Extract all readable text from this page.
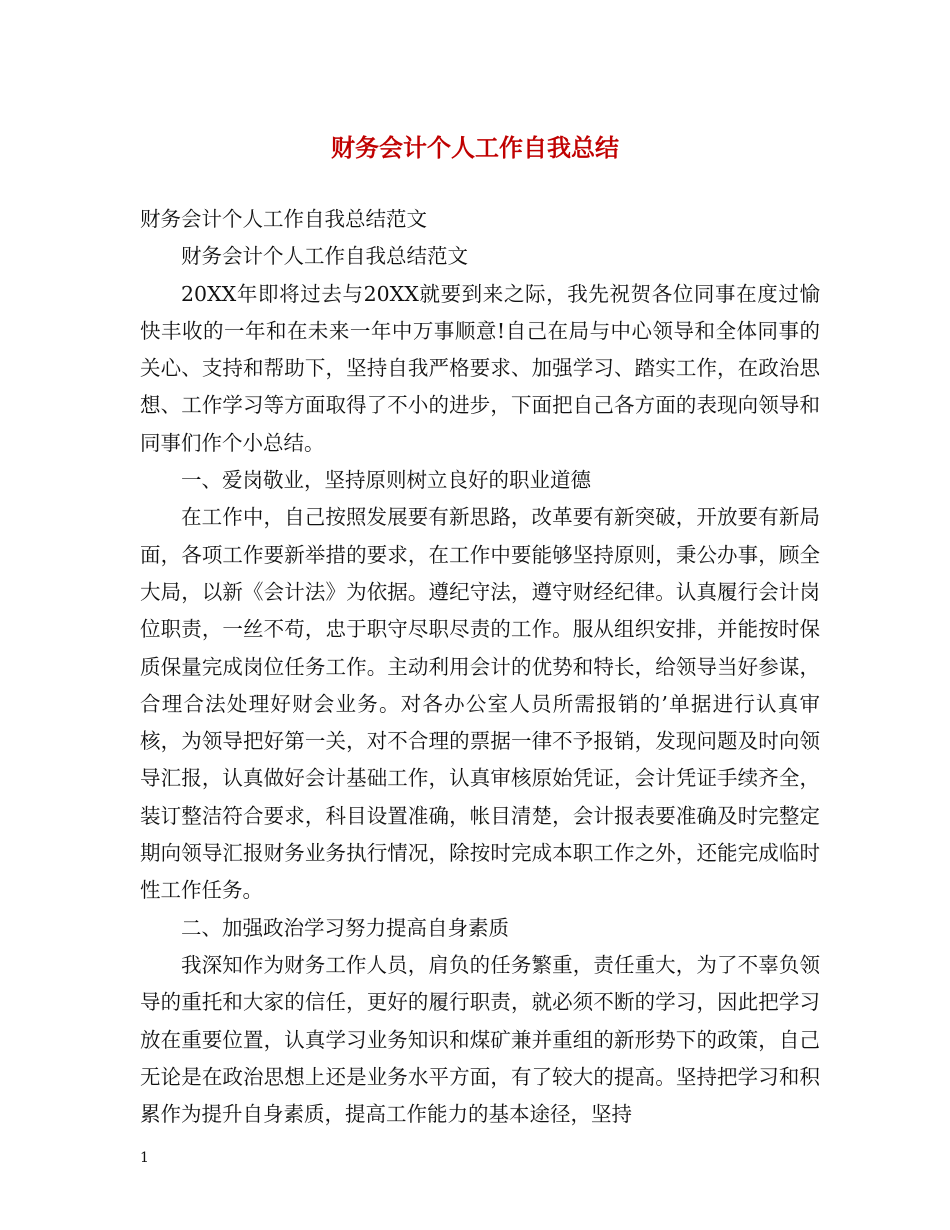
财务会计个人工作自我总结

财务会计个人工作自我总结范文

财务会计个人工作自我总结范文

20XX年即将过去与20XX就要到来之际，我先祝贺各位同事在度过愉快丰收的一年和在未来一年中万事顺意!自己在局与中心领导和全体同事的关心、支持和帮助下，坚持自我严格要求、加强学习、踏实工作，在政治思想、工作学习等方面取得了不小的进步，下面把自己各方面的表现向领导和同事们作个小总结。

一、爱岗敬业，坚持原则树立良好的职业道德

在工作中，自己按照发展要有新思路，改革要有新突破，开放要有新局面，各项工作要新举措的要求，在工作中要能够坚持原则，秉公办事，顾全大局，以新《会计法》为依据。遵纪守法，遵守财经纪律。认真履行会计岗位职责，一丝不苟，忠于职守尽职尽责的工作。服从组织安排，并能按时保质保量完成岗位任务工作。主动利用会计的优势和特长，给领导当好参谋，合理合法处理好财会业务。对各办公室人员所需报销的’单据进行认真审核，为领导把好第一关，对不合理的票据一律不予报销，发现问题及时向领导汇报，认真做好会计基础工作，认真审核原始凭证，会计凭证手续齐全，装订整洁符合要求，科目设置准确，帐目清楚，会计报表要准确及时完整定期向领导汇报财务业务执行情况，除按时完成本职工作之外，还能完成临时性工作任务。

二、加强政治学习努力提高自身素质

我深知作为财务工作人员，肩负的任务繁重，责任重大，为了不辜负领导的重托和大家的信任，更好的履行职责，就必须不断的学习，因此把学习放在重要位置，认真学习业务知识和煤矿兼并重组的新形势下的政策，自己无论是在政治思想上还是业务水平方面，有了较大的提高。坚持把学习和积累作为提升自身素质，提高工作能力的基本途径，坚持

1
